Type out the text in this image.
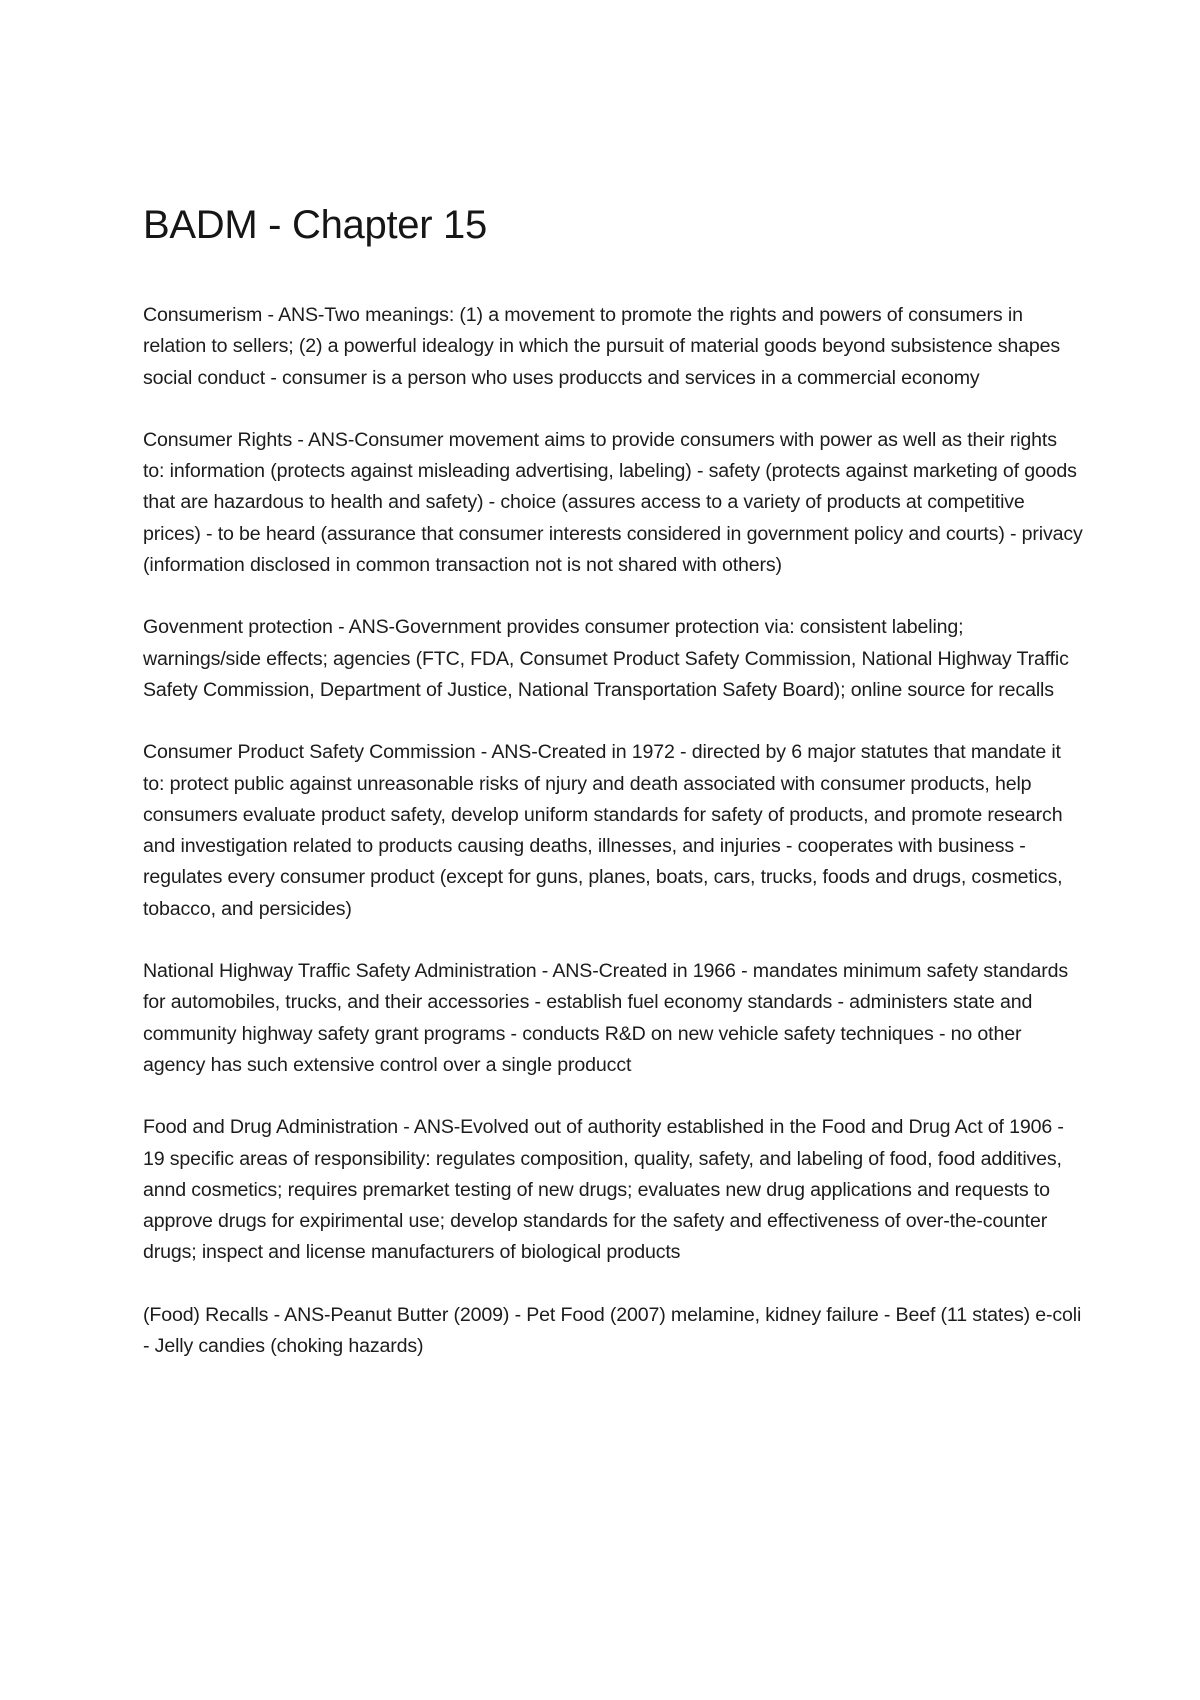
BADM - Chapter 15

Consumerism - ANS-Two meanings: (1) a movement to promote the rights and powers of consumers in relation to sellers; (2) a powerful idealogy in which the pursuit of material goods beyond subsistence shapes social conduct - consumer is a person who uses produccts and services in a commercial economy

Consumer Rights - ANS-Consumer movement aims to provide consumers with power as well as their rights to: information (protects against misleading advertising, labeling) - safety (protects against marketing of goods that are hazardous to health and safety) - choice (assures access to a variety of products at competitive prices) - to be heard (assurance that consumer interests considered in government policy and courts) - privacy (information disclosed in common transaction not is not shared with others)

Govenment protection - ANS-Government provides consumer protection via: consistent labeling; warnings/side effects; agencies (FTC, FDA, Consumet Product Safety Commission, National Highway Traffic Safety Commission, Department of Justice, National Transportation Safety Board); online source for recalls

Consumer Product Safety Commission - ANS-Created in 1972 - directed by 6 major statutes that mandate it to: protect public against unreasonable risks of njury and death associated with consumer products, help consumers evaluate product safety, develop uniform standards for safety of products, and promote research and investigation related to products causing deaths, illnesses, and injuries - cooperates with business - regulates every consumer product (except for guns, planes, boats, cars, trucks, foods and drugs, cosmetics, tobacco, and persicides)

National Highway Traffic Safety Administration - ANS-Created in 1966 - mandates minimum safety standards for automobiles, trucks, and their accessories - establish fuel economy standards - administers state and community highway safety grant programs - conducts R&D on new vehicle safety techniques - no other agency has such extensive control over a single producct

Food and Drug Administration - ANS-Evolved out of authority established in the Food and Drug Act of 1906 - 19 specific areas of responsibility: regulates composition, quality, safety, and labeling of food, food additives, annd cosmetics; requires premarket testing of new drugs; evaluates new drug applications and requests to approve drugs for expirimental use; develop standards for the safety and effectiveness of over-the-counter drugs; inspect and license manufacturers of biological products

(Food) Recalls - ANS-Peanut Butter (2009) - Pet Food (2007) melamine, kidney failure - Beef (11 states) e-coli - Jelly candies (choking hazards)
